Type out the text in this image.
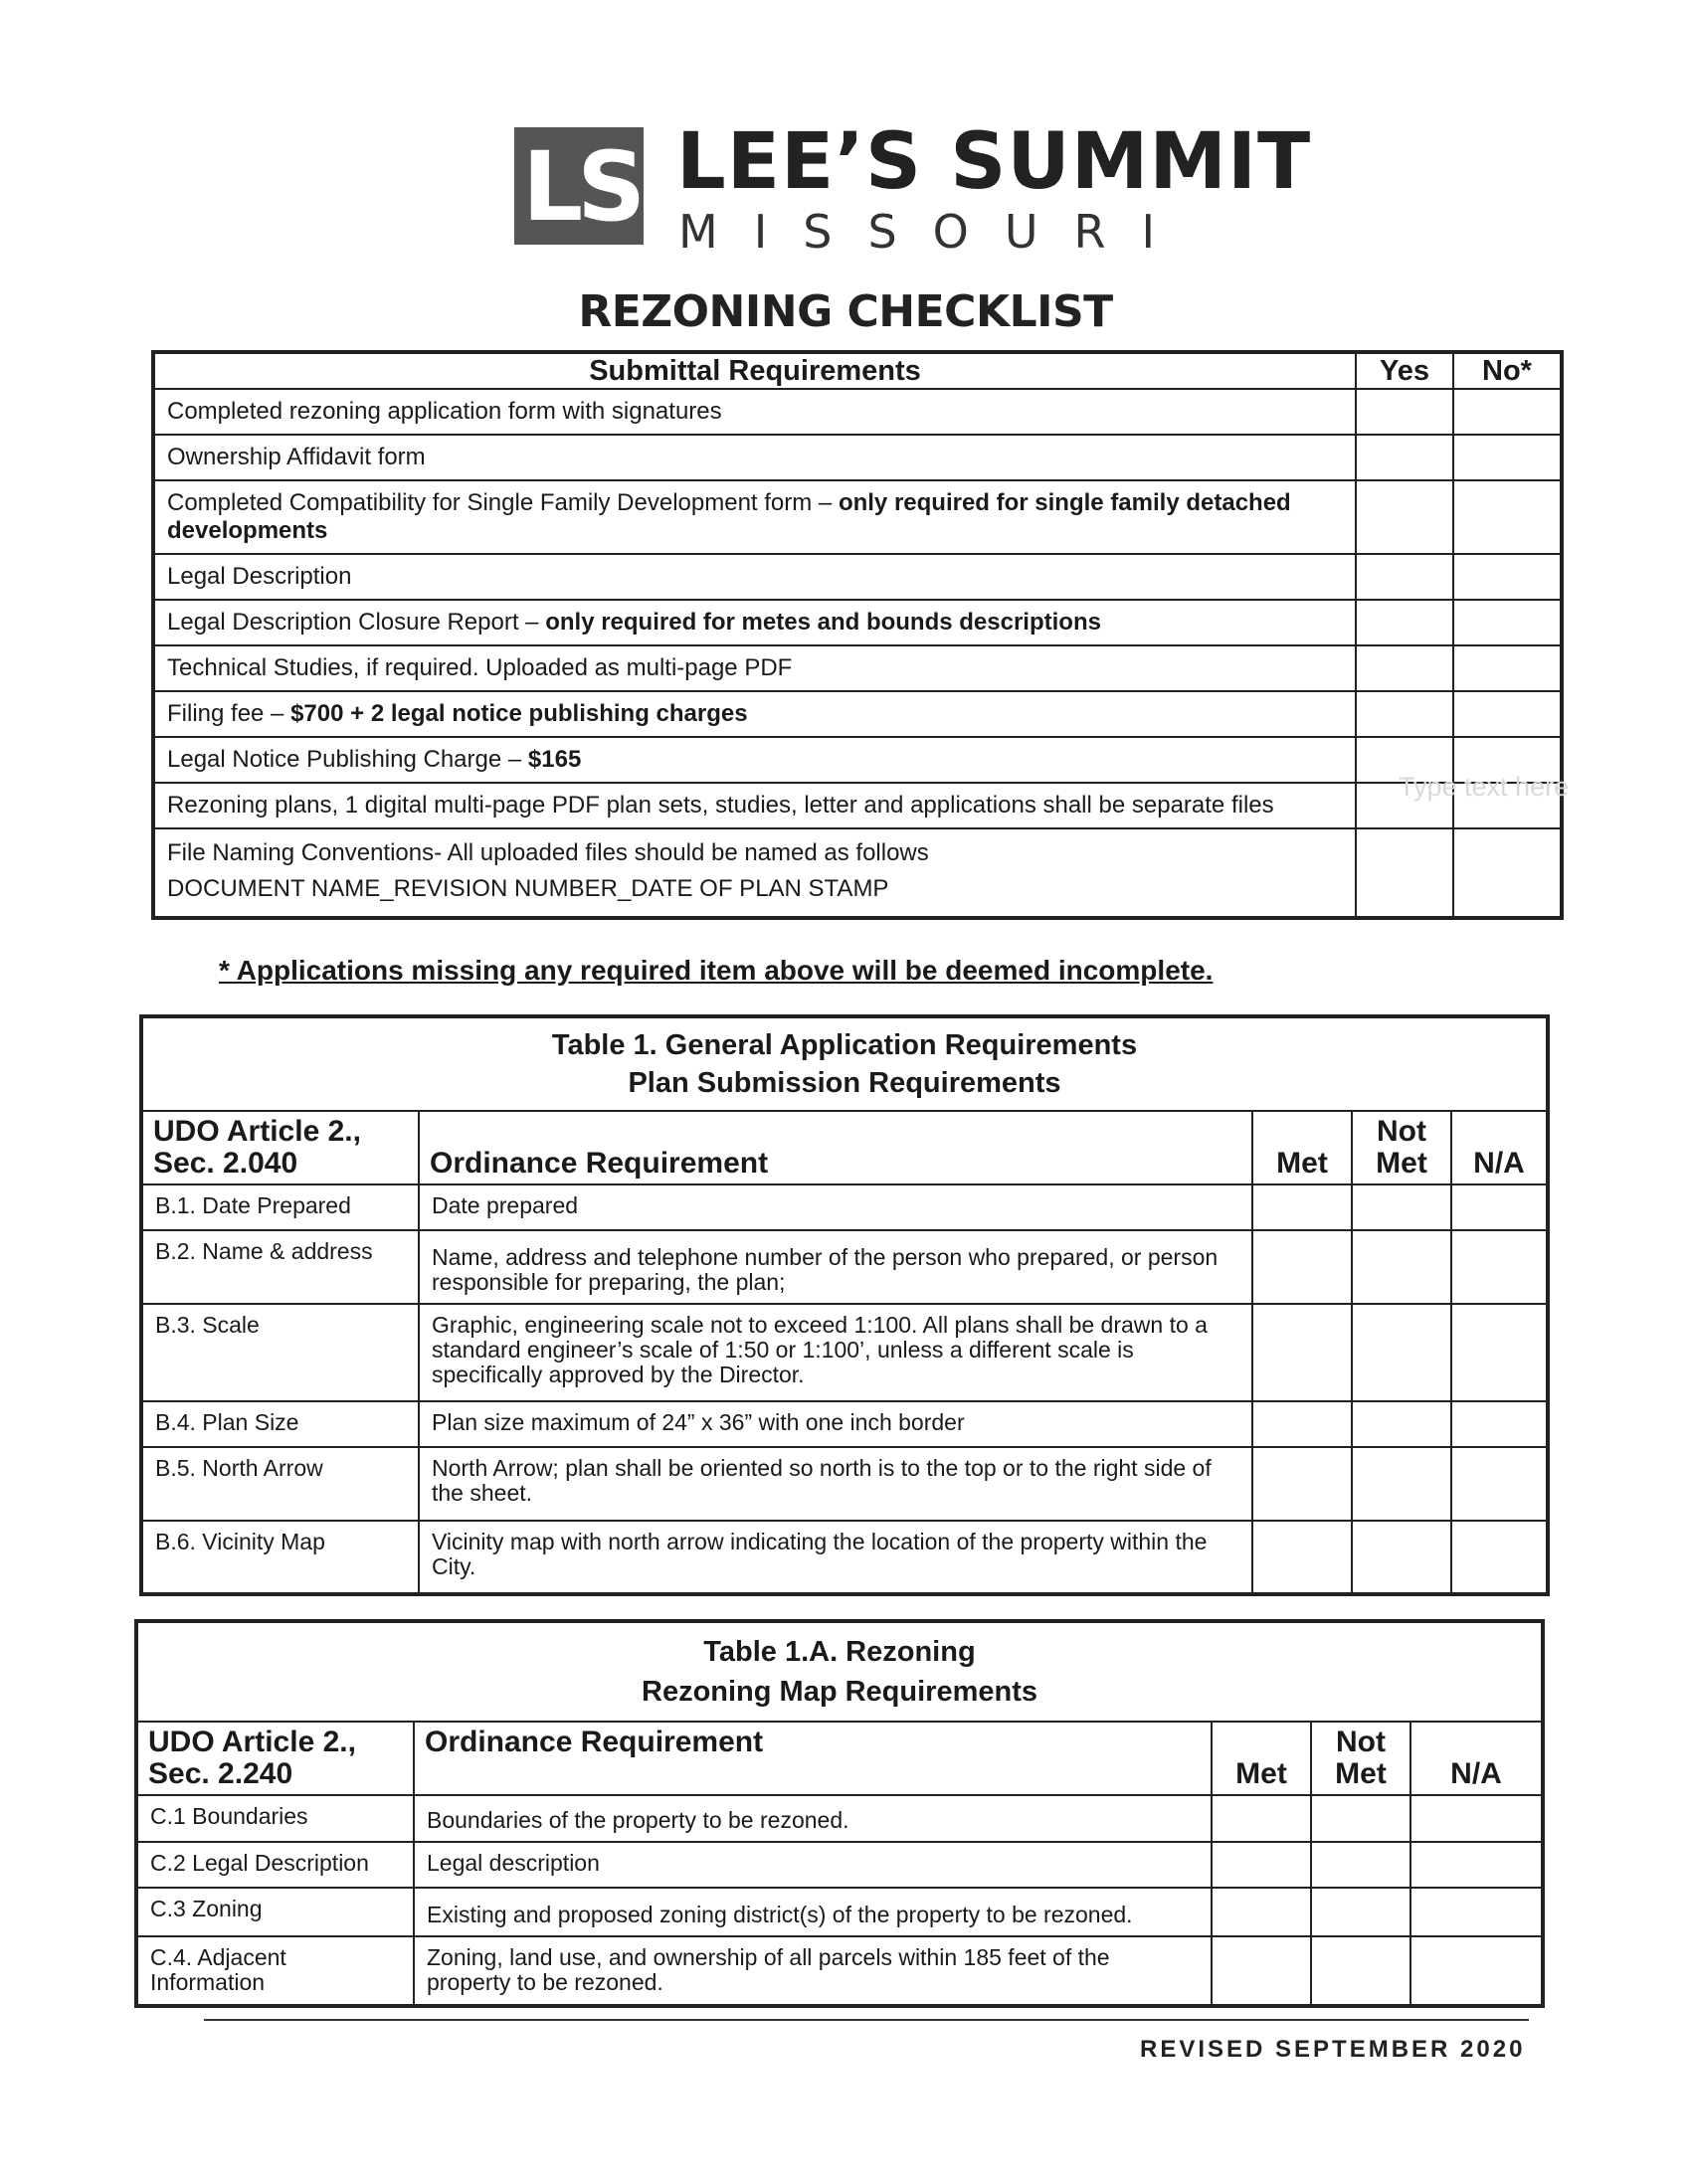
LS LEE’S SUMMIT
MISSOURI
REZONING CHECKLIST
Submittal Requirements	Yes	No*
Completed rezoning application form with signatures		
Ownership Affidavit form		
Completed Compatibility for Single Family Development form – only required for single family detached developments		
Legal Description		
Legal Description Closure Report – only required for metes and bounds descriptions		
Technical Studies, if required. Uploaded as multi-page PDF		
Filing fee – $700 + 2 legal notice publishing charges		
Legal Notice Publishing Charge – $165		
Rezoning plans, 1 digital multi-page PDF plan sets, studies, letter and applications shall be separate files		
File Naming Conventions- All uploaded files should be named as follows
DOCUMENT NAME_REVISION NUMBER_DATE OF PLAN STAMP		
Type text here
* Applications missing any required item above will be deemed incomplete.
Table 1. General Application Requirements
Plan Submission Requirements				
UDO Article 2.,
Sec. 2.040	Ordinance Requirement	Met	Not
Met	N/A
B.1. Date Prepared	Date prepared			
B.2. Name & address	Name, address and telephone number of the person who prepared, or person responsible for preparing, the plan;			
B.3. Scale	Graphic, engineering scale not to exceed 1:100. All plans shall be drawn to a standard engineer’s scale of 1:50 or 1:100’, unless a different scale is specifically approved by the Director.			
B.4. Plan Size	Plan size maximum of 24” x 36” with one inch border			
B.5. North Arrow	North Arrow; plan shall be oriented so north is to the top or to the right side of the sheet.			
B.6. Vicinity Map	Vicinity map with north arrow indicating the location of the property within the City.			
Table 1.A. Rezoning
Rezoning Map Requirements				
UDO Article 2.,
Sec. 2.240	Ordinance Requirement	Met	Not
Met	N/A
C.1 Boundaries	Boundaries of the property to be rezoned.			
C.2 Legal Description	Legal description			
C.3 Zoning	Existing and proposed zoning district(s) of the property to be rezoned.			
C.4. Adjacent Information	Zoning, land use, and ownership of all parcels within 185 feet of the property to be rezoned.			
REVISED SEPTEMBER 2020
